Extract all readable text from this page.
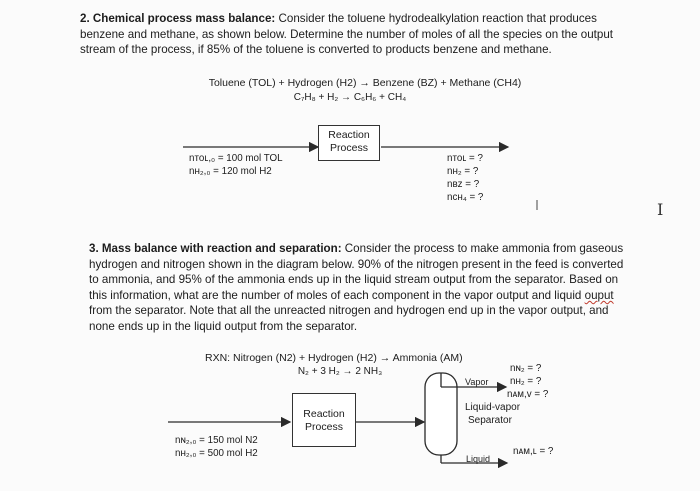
2. Chemical process mass balance: Consider the toluene hydrodealkylation reaction that produces
benzene and methane, as shown below. Determine the number of moles of all the species on the output
stream of the process, if 85% of the toluene is converted to products benzene and methane.

Toluene (TOL) + Hydrogen (H2) → Benzene (BZ) + Methane (CH4)
C₇H₈ + H₂ → C₆H₆ + CH₄
Reaction
Process
nᴛᴏʟ,₀ = 100 mol TOL
nʜ₂,₀ = 120 mol H2
nᴛᴏʟ = ?
nʜ₂ = ?
nʙᴢ = ?
nᴄʜ₄ = ?
I

3. Mass balance with reaction and separation: Consider the process to make ammonia from gaseous
hydrogen and nitrogen shown in the diagram below. 90% of the nitrogen present in the feed is converted
to ammonia, and 95% of the ammonia ends up in the liquid stream output from the separator. Based on
this information, what are the number of moles of each component in the vapor output and liquid ouput
from the separator. Note that all the unreacted nitrogen and hydrogen end up in the vapor output, and
none ends up in the liquid output from the separator.

RXN: Nitrogen (N2) + Hydrogen (H2) → Ammonia (AM)
N₂ + 3 H₂ → 2 NH₃
Reaction
Process
nɴ₂,₀ = 150 mol N2
nʜ₂,₀ = 500 mol H2
Vapor
nɴ₂ = ?
nʜ₂ = ?
nᴀᴍ,ᴠ = ?
Liquid-vapor
Separator
Liquid
nᴀᴍ,ʟ = ?
